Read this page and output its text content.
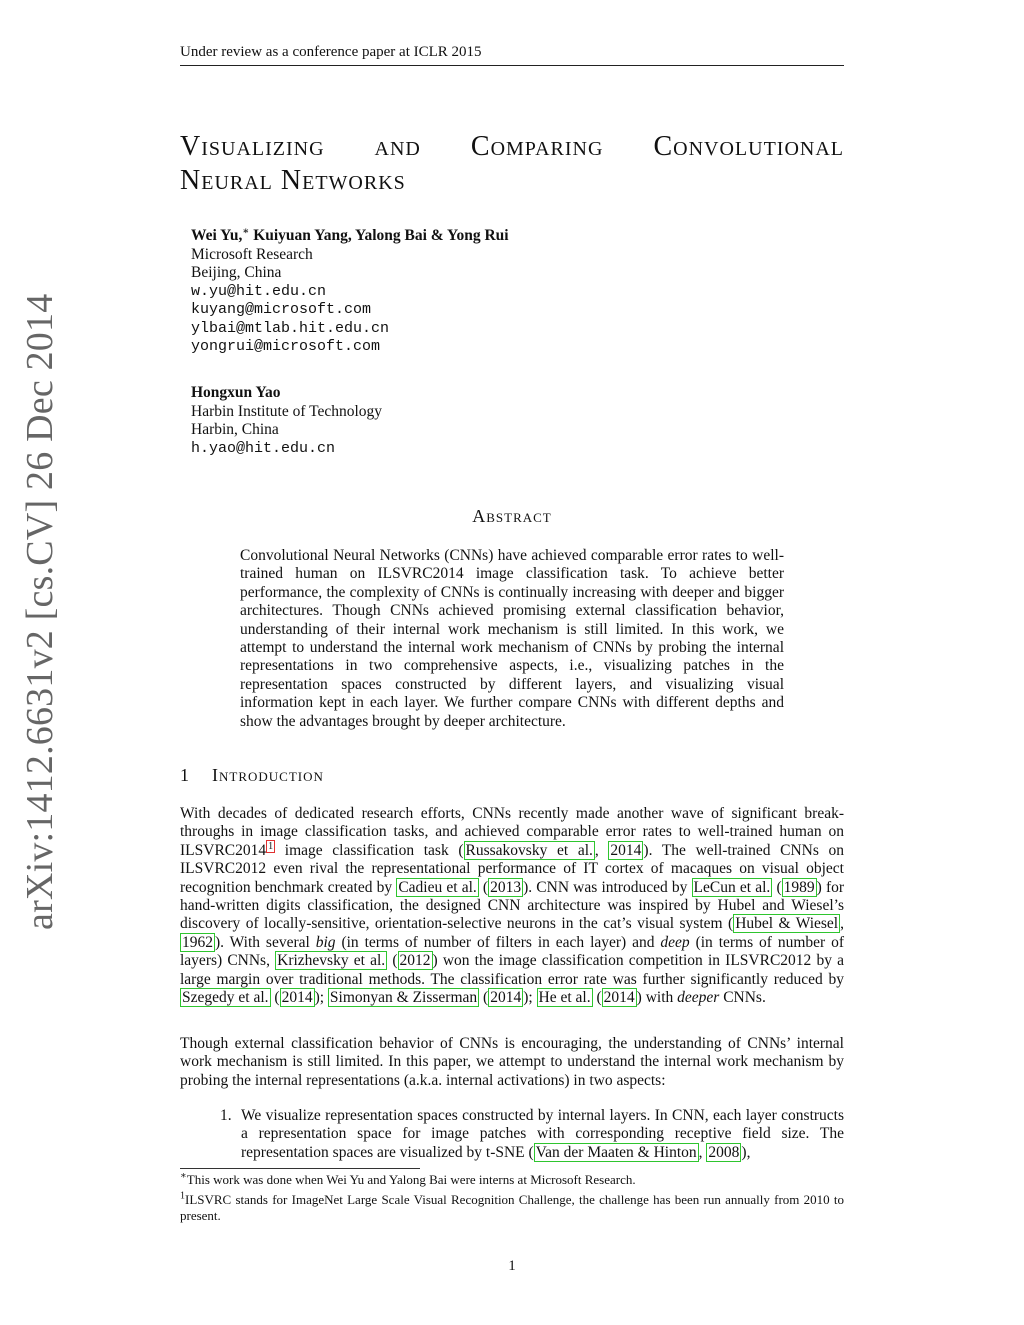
Under review as a conference paper at ICLR 2015
arXiv:1412.6631v2 [cs.CV] 26 Dec 2014
Visualizing and Comparing Convolutional
Neural Networks
Wei Yu,∗ Kuiyuan Yang, Yalong Bai & Yong Rui
Microsoft Research
Beijing, China
w.yu@hit.edu.cn
kuyang@microsoft.com
ylbai@mtlab.hit.edu.cn
yongrui@microsoft.com
Hongxun Yao
Harbin Institute of Technology
Harbin, China
h.yao@hit.edu.cn
Abstract
Convolutional Neural Networks (CNNs) have achieved comparable error rates to well-trained human on ILSVRC2014 image classification task. To achieve better performance, the complexity of CNNs is continually increasing with deeper and bigger architectures. Though CNNs achieved promising external classification behavior, understanding of their internal work mechanism is still limited. In this work, we attempt to understand the internal work mechanism of CNNs by probing the internal representations in two comprehensive aspects, i.e., visualizing patches in the representation spaces constructed by different layers, and visualizing visual information kept in each layer. We further compare CNNs with different depths and show the advantages brought by deeper architecture.
1 Introduction
With decades of dedicated research efforts, CNNs recently made another wave of significant break-throughs in image classification tasks, and achieved comparable error rates to well-trained human on ILSVRC2014 $^1$ image classification task ( Russakovsky et al. , 2014 ). The well-trained CNNs on ILSVRC2012 even rival the representational performance of IT cortex of macaques on visual object recognition benchmark created by Cadieu et al. ( 2013 ). CNN was introduced by LeCun et al. ( 1989 ) for hand-written digits classification, the designed CNN architecture was inspired by Hubel and Wiesel’s discovery of locally-sensitive, orientation-selective neurons in the cat’s visual system ( Hubel & Wiesel , 1962 ). With several big (in terms of number of filters in each layer) and deep (in terms of number of layers) CNNs, Krizhevsky et al. ( 2012 ) won the image classification competition in ILSVRC2012 by a large margin over traditional methods. The classification error rate was further significantly reduced by Szegedy et al. ( 2014 ); Simonyan & Zisserman ( 2014 ); He et al. ( 2014 ) with deeper CNNs.
Though external classification behavior of CNNs is encouraging, the understanding of CNNs’ internal work mechanism is still limited. In this paper, we attempt to understand the internal work mechanism by probing the internal representations (a.k.a. internal activations) in two aspects:
1. We visualize representation spaces constructed by internal layers. In CNN, each layer constructs a representation space for image patches with corresponding receptive field size. The representation spaces are visualized by t-SNE ( Van der Maaten & Hinton , 2008 ),

∗This work was done when Wei Yu and Yalong Bai were interns at Microsoft Research.

$^1$ILSVRC stands for ImageNet Large Scale Visual Recognition Challenge, the challenge has been run annually from 2010 to present.

1
